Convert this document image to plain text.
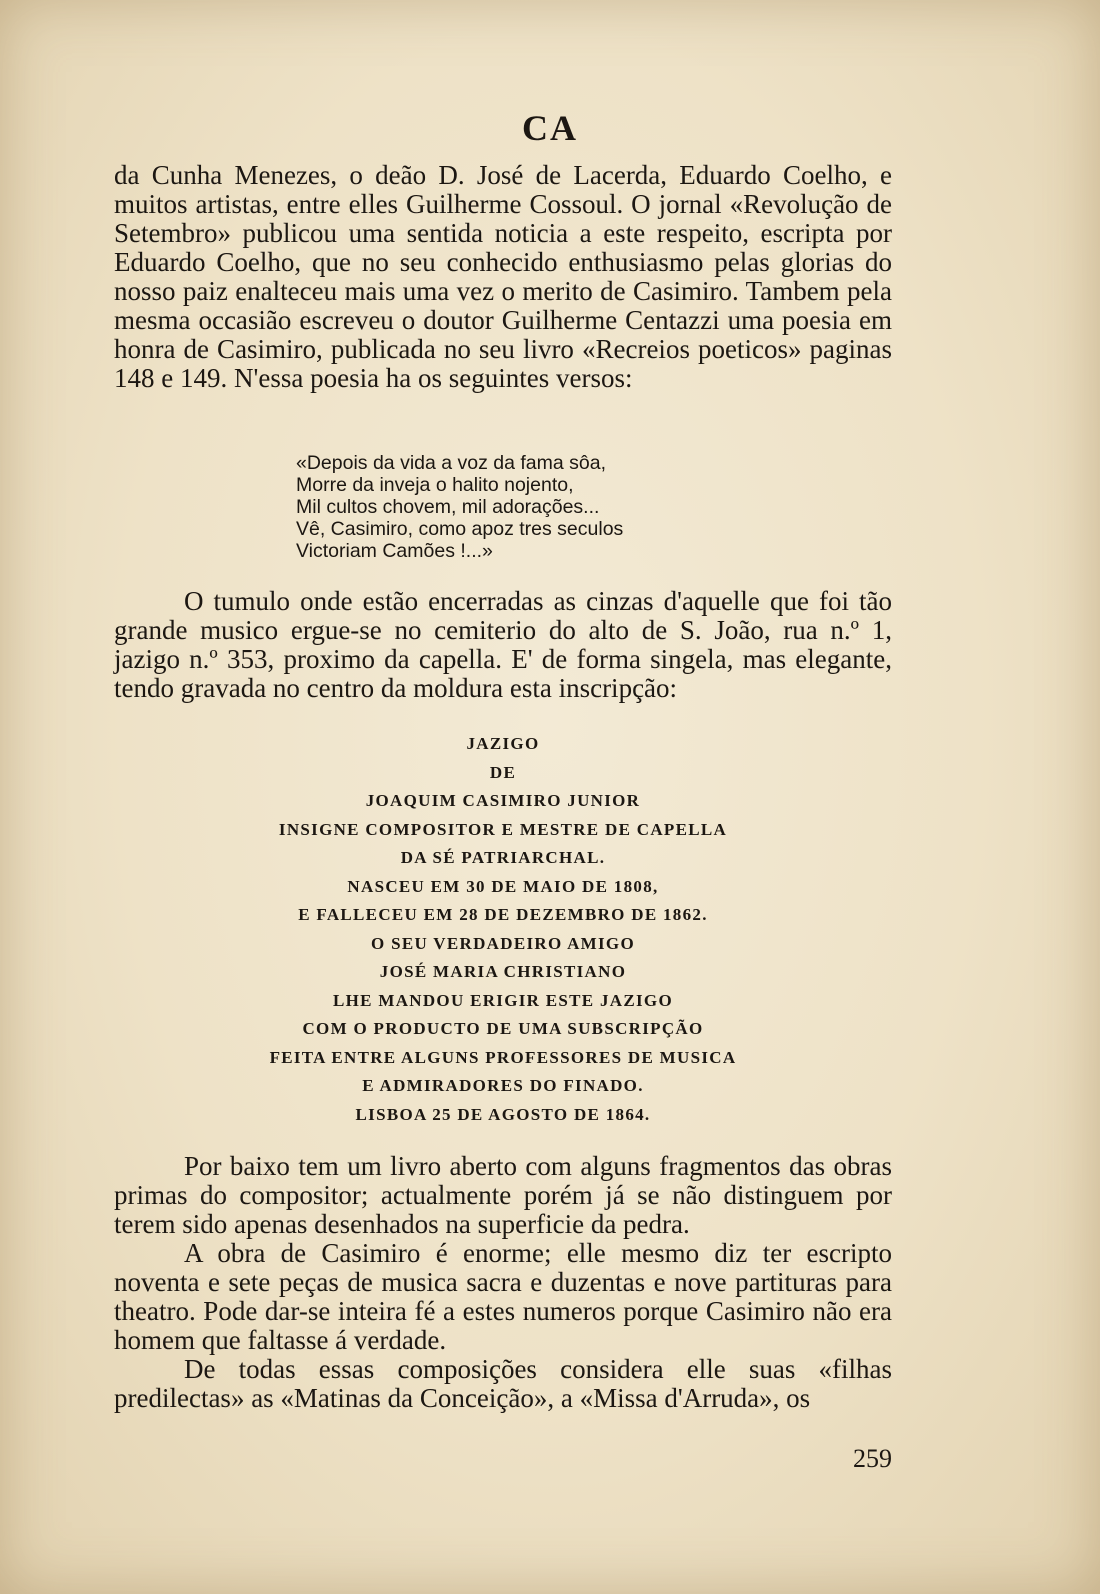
CA

da Cunha Menezes, o deão D. José de Lacerda, Eduardo Coelho, e muitos artistas, entre elles Guilherme Cossoul. O jornal «Revolução de Setembro» publicou uma sentida noticia a este respeito, escripta por Eduardo Coelho, que no seu conhecido enthusiasmo pelas glorias do nosso paiz enalteceu mais uma vez o merito de Casimiro. Tambem pela mesma occasião escreveu o doutor Guilherme Centazzi uma poesia em honra de Casimiro, publicada no seu livro «Recreios poeticos» paginas 148 e 149. N'essa poesia ha os seguintes versos:

«Depois da vida a voz da fama sôa,
Morre da inveja o halito nojento,
Mil cultos chovem, mil adorações...
Vê, Casimiro, como apoz tres seculos
Victoriam Camões !...»

O tumulo onde estão encerradas as cinzas d'aquelle que foi tão grande musico ergue-se no cemiterio do alto de S. João, rua n.º 1, jazigo n.º 353, proximo da capella. E' de forma singela, mas elegante, tendo gravada no centro da moldura esta inscripção:

JAZIGO
DE
JOAQUIM CASIMIRO JUNIOR
INSIGNE COMPOSITOR E MESTRE DE CAPELLA
DA SÉ PATRIARCHAL.
NASCEU EM 30 DE MAIO DE 1808,
E FALLECEU EM 28 DE DEZEMBRO DE 1862.
O SEU VERDADEIRO AMIGO
JOSÉ MARIA CHRISTIANO
LHE MANDOU ERIGIR ESTE JAZIGO
COM O PRODUCTO DE UMA SUBSCRIPÇÃO
FEITA ENTRE ALGUNS PROFESSORES DE MUSICA
E ADMIRADORES DO FINADO.
LISBOA 25 DE AGOSTO DE 1864.

Por baixo tem um livro aberto com alguns fragmentos das obras primas do compositor; actualmente porém já se não distinguem por terem sido apenas desenhados na superficie da pedra.

A obra de Casimiro é enorme; elle mesmo diz ter escripto noventa e sete peças de musica sacra e duzentas e nove partituras para theatro. Pode dar-se inteira fé a estes numeros porque Casimiro não era homem que faltasse á verdade.

De todas essas composições considera elle suas «filhas predilectas» as «Matinas da Conceição», a «Missa d'Arruda», os

259
